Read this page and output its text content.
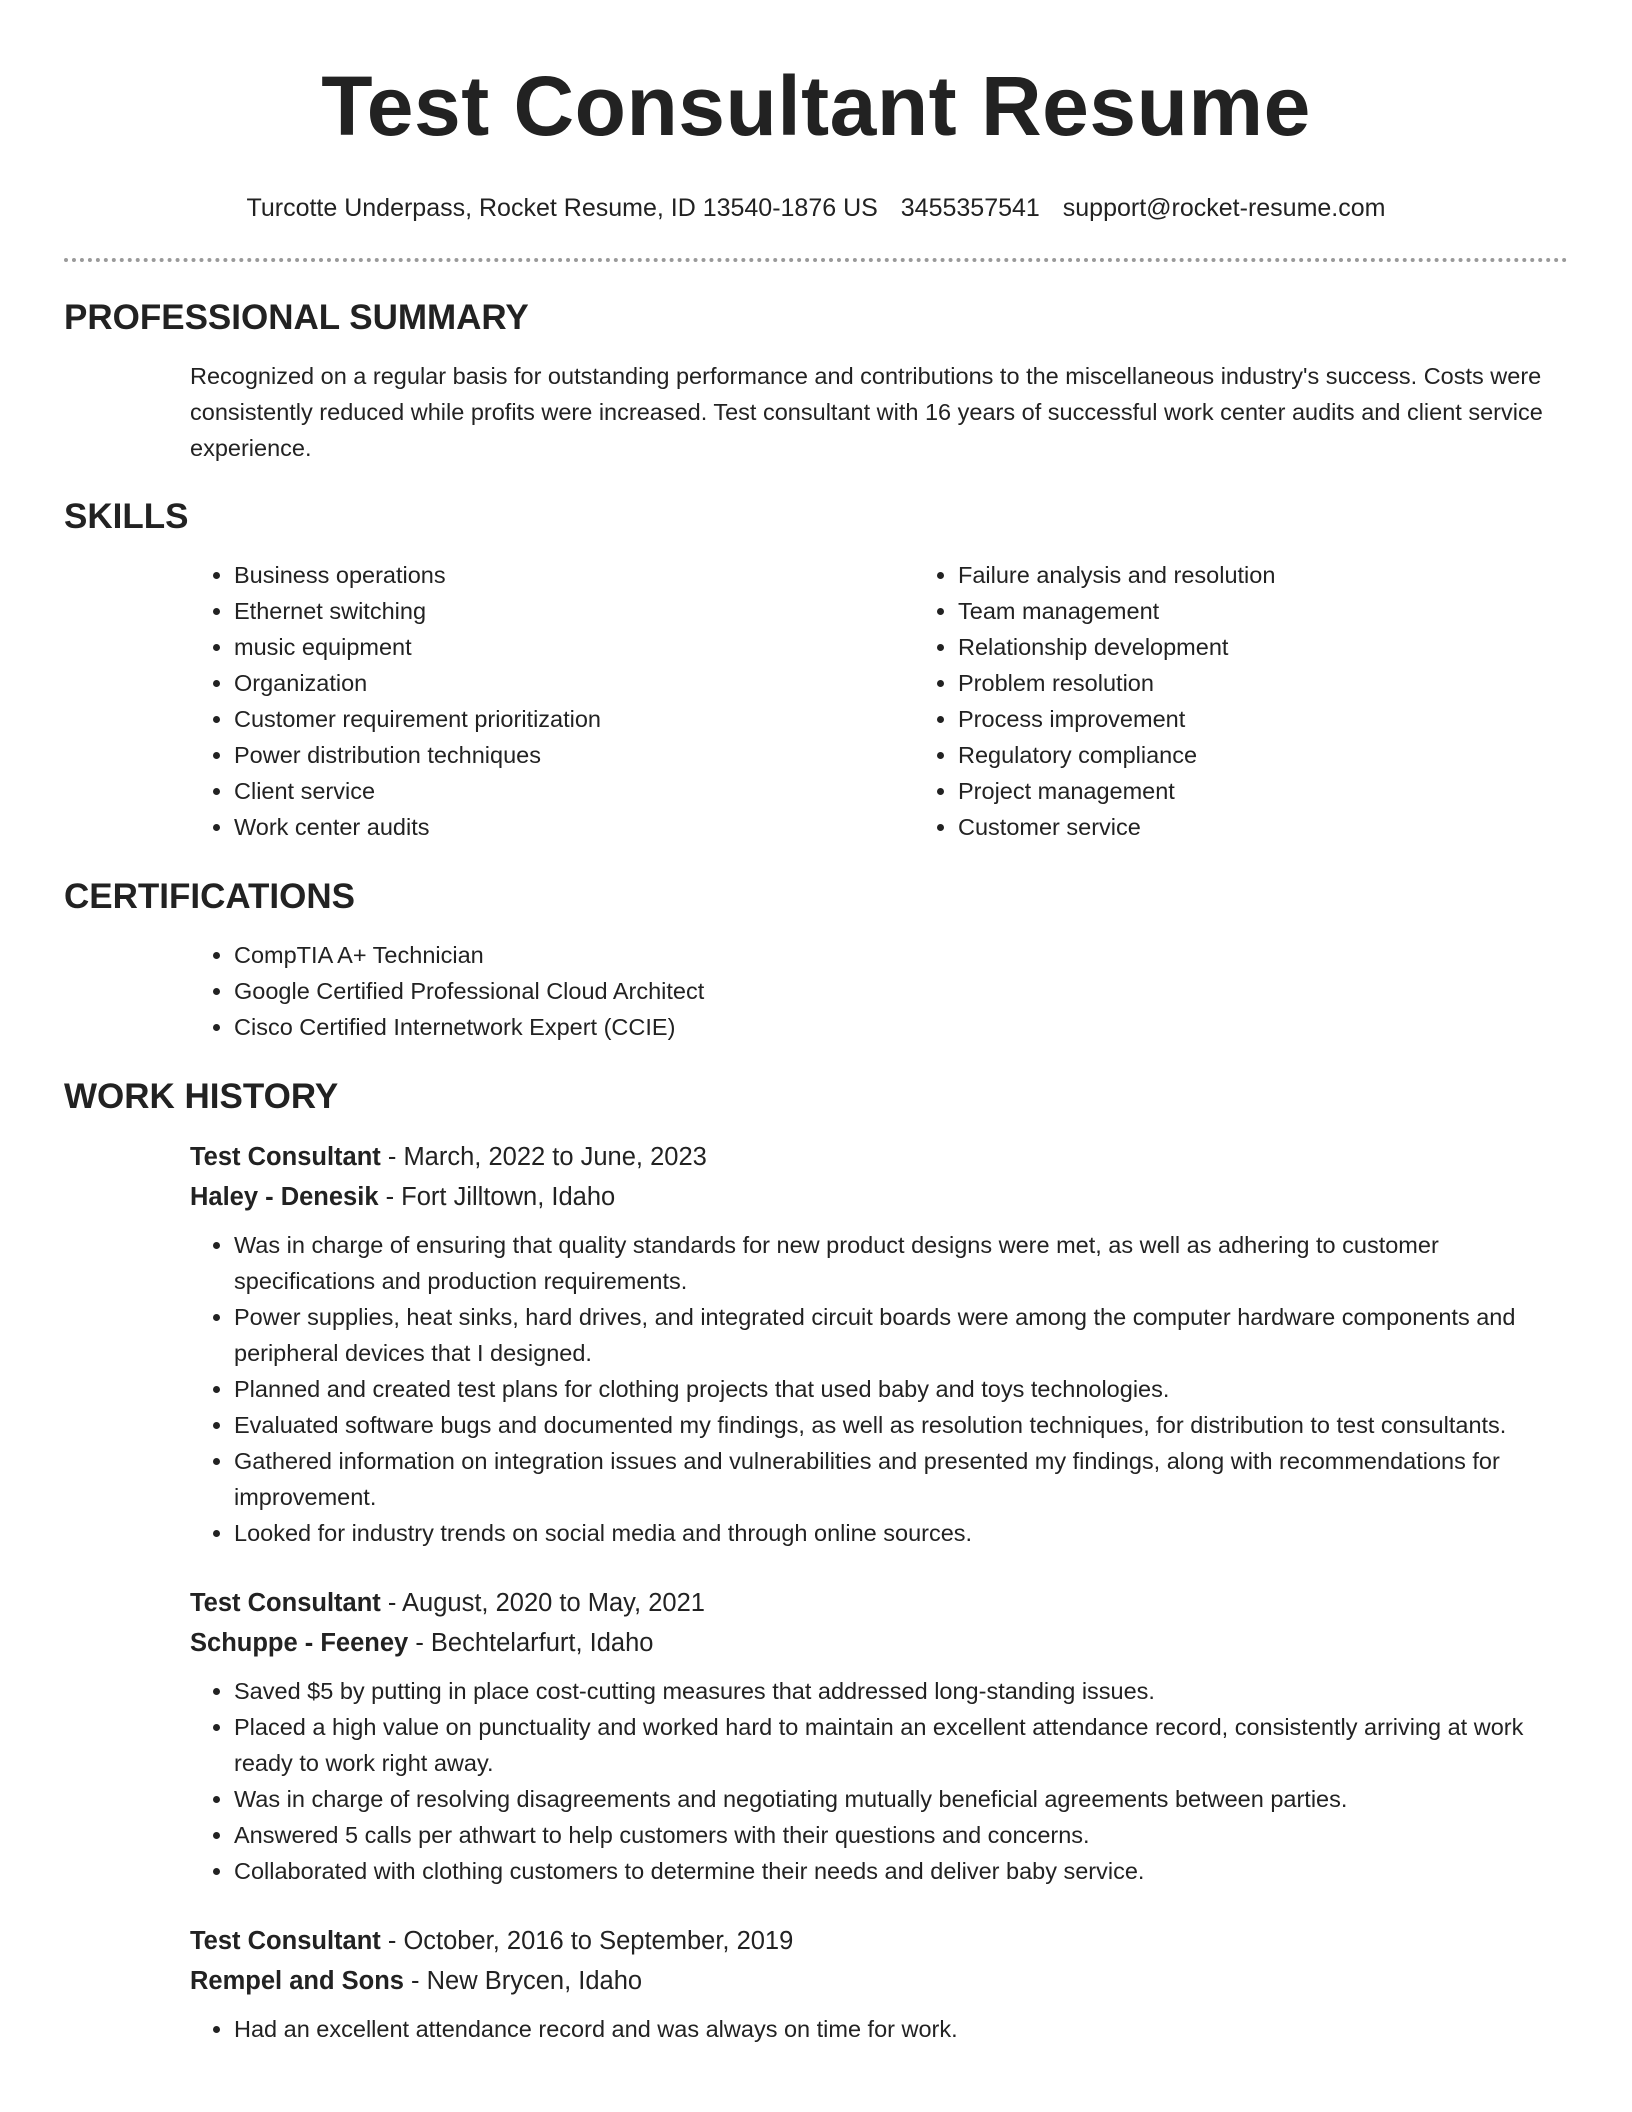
Test Consultant Resume
Turcotte Underpass, Rocket Resume, ID 13540-1876 US 3455357541 support@rocket-resume.com
PROFESSIONAL SUMMARY

Recognized on a regular basis for outstanding performance and contributions to the miscellaneous industry's success. Costs were consistently reduced while profits were increased. Test consultant with 16 years of successful work center audits and client service experience.

SKILLS
• Business operations
• Ethernet switching
• music equipment
• Organization
• Customer requirement prioritization
• Power distribution techniques
• Client service
• Work center audits
• Failure analysis and resolution
• Team management
• Relationship development
• Problem resolution
• Process improvement
• Regulatory compliance
• Project management
• Customer service
CERTIFICATIONS
• CompTIA A+ Technician
• Google Certified Professional Cloud Architect
• Cisco Certified Internetwork Expert (CCIE)
WORK HISTORY
Test Consultant - March, 2022 to June, 2023
Haley - Denesik - Fort Jilltown, Idaho
• Was in charge of ensuring that quality standards for new product designs were met, as well as adhering to customer specifications and production requirements.
• Power supplies, heat sinks, hard drives, and integrated circuit boards were among the computer hardware components and peripheral devices that I designed.
• Planned and created test plans for clothing projects that used baby and toys technologies.
• Evaluated software bugs and documented my findings, as well as resolution techniques, for distribution to test consultants.
• Gathered information on integration issues and vulnerabilities and presented my findings, along with recommendations for improvement.
• Looked for industry trends on social media and through online sources.
Test Consultant - August, 2020 to May, 2021
Schuppe - Feeney - Bechtelarfurt, Idaho
• Saved $5 by putting in place cost-cutting measures that addressed long-standing issues.
• Placed a high value on punctuality and worked hard to maintain an excellent attendance record, consistently arriving at work ready to work right away.
• Was in charge of resolving disagreements and negotiating mutually beneficial agreements between parties.
• Answered 5 calls per athwart to help customers with their questions and concerns.
• Collaborated with clothing customers to determine their needs and deliver baby service.
Test Consultant - October, 2016 to September, 2019
Rempel and Sons - New Brycen, Idaho
• Had an excellent attendance record and was always on time for work.
